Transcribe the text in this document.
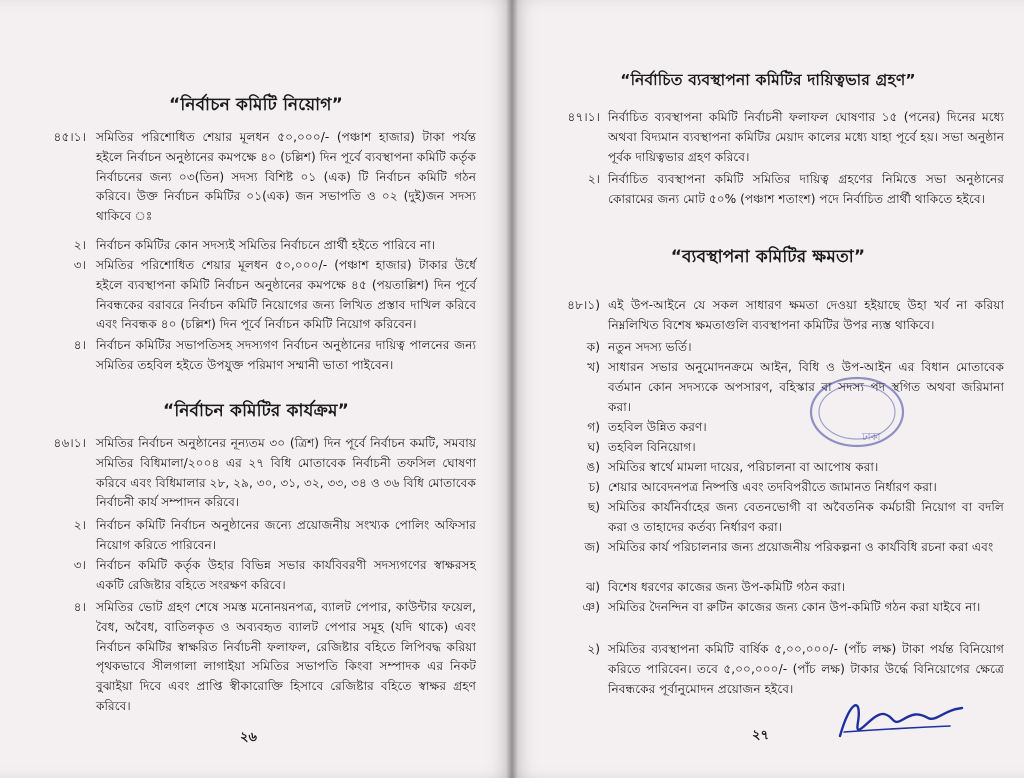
“নির্বাচন কমিটি নিয়োগ”
৪৫।১। সমিতির পরিশোধিত শেয়ার মূলধন ৫০,০০০/- (পঞ্চাশ হাজার) টাকা পর্যন্ত হইলে নির্বাচন অনুষ্ঠানের কমপক্ষে ৪০ (চল্লিশ) দিন পূর্বে ব্যবস্থাপনা কমিটি কর্তৃক নির্বাচনের জন্য ০৩(তিন) সদস্য বিশিষ্ট ০১ (এক) টি নির্বাচন কমিটি গঠন করিবে। উক্ত নির্বাচন কমিটির ০১(এক) জন সভাপতি ও ০২ (দুই)জন সদস্য থাকিবে ঃ
২। নির্বাচন কমিটির কোন সদস্যই সমিতির নির্বাচনে প্রার্থী হইতে পারিবে না।
৩। সমিতির পরিশোধিত শেয়ার মূলধন ৫০,০০০/- (পঞ্চাশ হাজার) টাকার উর্ধে হইলে ব্যবস্থাপনা কমিটি নির্বাচন অনুষ্ঠানের কমপক্ষে ৪৫ (পয়তাল্লিশ) দিন পূর্বে নিবন্ধকের বরাবরে নির্বাচন কমিটি নিয়োগের জন্য লিখিত প্রস্তাব দাখিল করিবে এবং নিবন্ধক ৪০ (চল্লিশ) দিন পূর্বে নির্বাচন কমিটি নিয়োগ করিবেন।
৪। নির্বাচন কমিটির সভাপতিসহ সদস্যগণ নির্বাচন অনুষ্ঠানের দায়িত্ব পালনের জন্য সমিতির তহবিল হইতে উপযুক্ত পরিমাণ সম্মানী ভাতা পাইবেন।
“নির্বাচন কমিটির কার্যক্রম”
৪৬।১। সমিতির নির্বাচন অনুষ্ঠানের নূন্যতম ৩০ (ত্রিশ) দিন পূর্বে নির্বাচন কমটি, সমবায় সমিতির বিধিমালা/২০০৪ এর ২৭ বিধি মোতাবেক নির্বাচনী তফসিল ঘোষণা করিবে এবং বিধিমালার ২৮, ২৯, ৩০, ৩১, ৩২, ৩৩, ৩৪ ও ৩৬ বিধি মোতাবেক নির্বাচনী কার্য সম্পাদন করিবে।
২। নির্বাচন কমিটি নির্বাচন অনুষ্ঠানের জন্যে প্রয়োজনীয় সংখ্যক পোলিং অফিসার নিয়োগ করিতে পারিবেন।
৩। নির্বাচন কমিটি কর্তৃক উহার বিভিন্ন সভার কার্যবিবরণী সদস্যগণের স্বাক্ষরসহ একটি রেজিষ্টার বহিতে সংরক্ষণ করিবে।
৪। সমিতির ভোট গ্রহণ শেষে সমস্ত মনোনয়নপত্র, ব্যালট পেপার, কাউন্টার ফয়েল, বৈধ, অবৈধ, বাতিলকৃত ও অব্যবহৃত ব্যালট পেপার সমূহ (যদি থাকে) এবং নির্বাচন কমিটির স্বাক্ষরিত নির্বাচনী ফলাফল, রেজিষ্টার বহিতে লিপিবদ্ধ করিয়া পৃথকভাবে সীলগালা লাগাইয়া সমিতির সভাপতি কিংবা সম্পাদক এর নিকট বুঝাইয়া দিবে এবং প্রাপ্তি স্বীকারোক্তি হিসাবে রেজিষ্টার বহিতে স্বাক্ষর গ্রহণ করিবে।
২৬
“নির্বাচিত ব্যবস্থাপনা কমিটির দায়িত্বভার গ্রহণ”
৪৭।১। নির্বাচিত ব্যবস্থাপনা কমিটি নির্বাচনী ফলাফল ঘোষণার ১৫ (পনের) দিনের মধ্যে অথবা বিদ্যমান ব্যবস্থাপনা কমিটির মেয়াদ কালের মধ্যে যাহা পূর্বে হয়। সভা অনুষ্ঠান পূর্বক দায়িত্বভার গ্রহণ করিবে।
২। নির্বাচিত ব্যবস্থাপনা কমিটি সমিতির দায়িত্ব গ্রহণের নিমিত্তে সভা অনুষ্ঠানের কোরামের জন্য মোট ৫০% (পঞ্চাশ শতাংশ) পদে নির্বাচিত প্রার্থী থাকিতে হইবে।
“ব্যবস্থাপনা কমিটির ক্ষমতা”
৪৮।১) এই উপ-আইনে যে সকল সাধারণ ক্ষমতা দেওয়া হইয়াছে উহা খর্ব না করিয়া নিম্নলিখিত বিশেষ ক্ষমতাগুলি ব্যবস্থাপনা কমিটির উপর ন্যস্ত থাকিবে।
ক) নতুন সদস্য ভর্তি।
খ) সাধারন সভার অনুমোদনক্রমে আইন, বিধি ও উপ-আইন এর বিধান মোতাবেক বর্তমান কোন সদস্যকে অপসারণ, বহিস্কার বা সদস্য পদ স্থগিত অথবা জরিমানা করা।
গ) তহবিল উন্নিত করণ।
ঘ) তহবিল বিনিয়োগ।
ঙ) সমিতির স্বার্থে মামলা দায়ের, পরিচালনা বা আপোষ করা।
চ) শেয়ার আবেদনপত্র নিষ্পত্তি এবং তদবিপরীতে জামানত নির্ধারণ করা।
ছ) সমিতির কার্যনির্বাহের জন্য বেতনভোগী বা অবৈতনিক কর্মচারী নিয়োগ বা বদলি করা ও তাহাদের কর্তব্য নির্ধারণ করা।
জ) সমিতির কার্য পরিচালনার জন্য প্রয়োজনীয় পরিকল্পনা ও কার্যবিধি রচনা করা এবং
ঝ) বিশেষ ধরণের কাজের জন্য উপ-কমিটি গঠন করা।
ঞ) সমিতির দৈনন্দিন বা রুটিন কাজের জন্য কোন উপ-কমিটি গঠন করা যাইবে না।
২) সমিতির ব্যবস্থাপনা কমিটি বার্ষিক ৫,০০,০০০/- (পাঁচ লক্ষ) টাকা পর্যন্ত বিনিয়োগ করিতে পারিবেন। তবে ৫,০০,০০০/- (পাঁচ লক্ষ) টাকার উর্দ্ধে বিনিয়োগের ক্ষেত্রে নিবন্ধকের পূর্বানুমোদন প্রয়োজন হইবে।
২৭
ঢাকা
